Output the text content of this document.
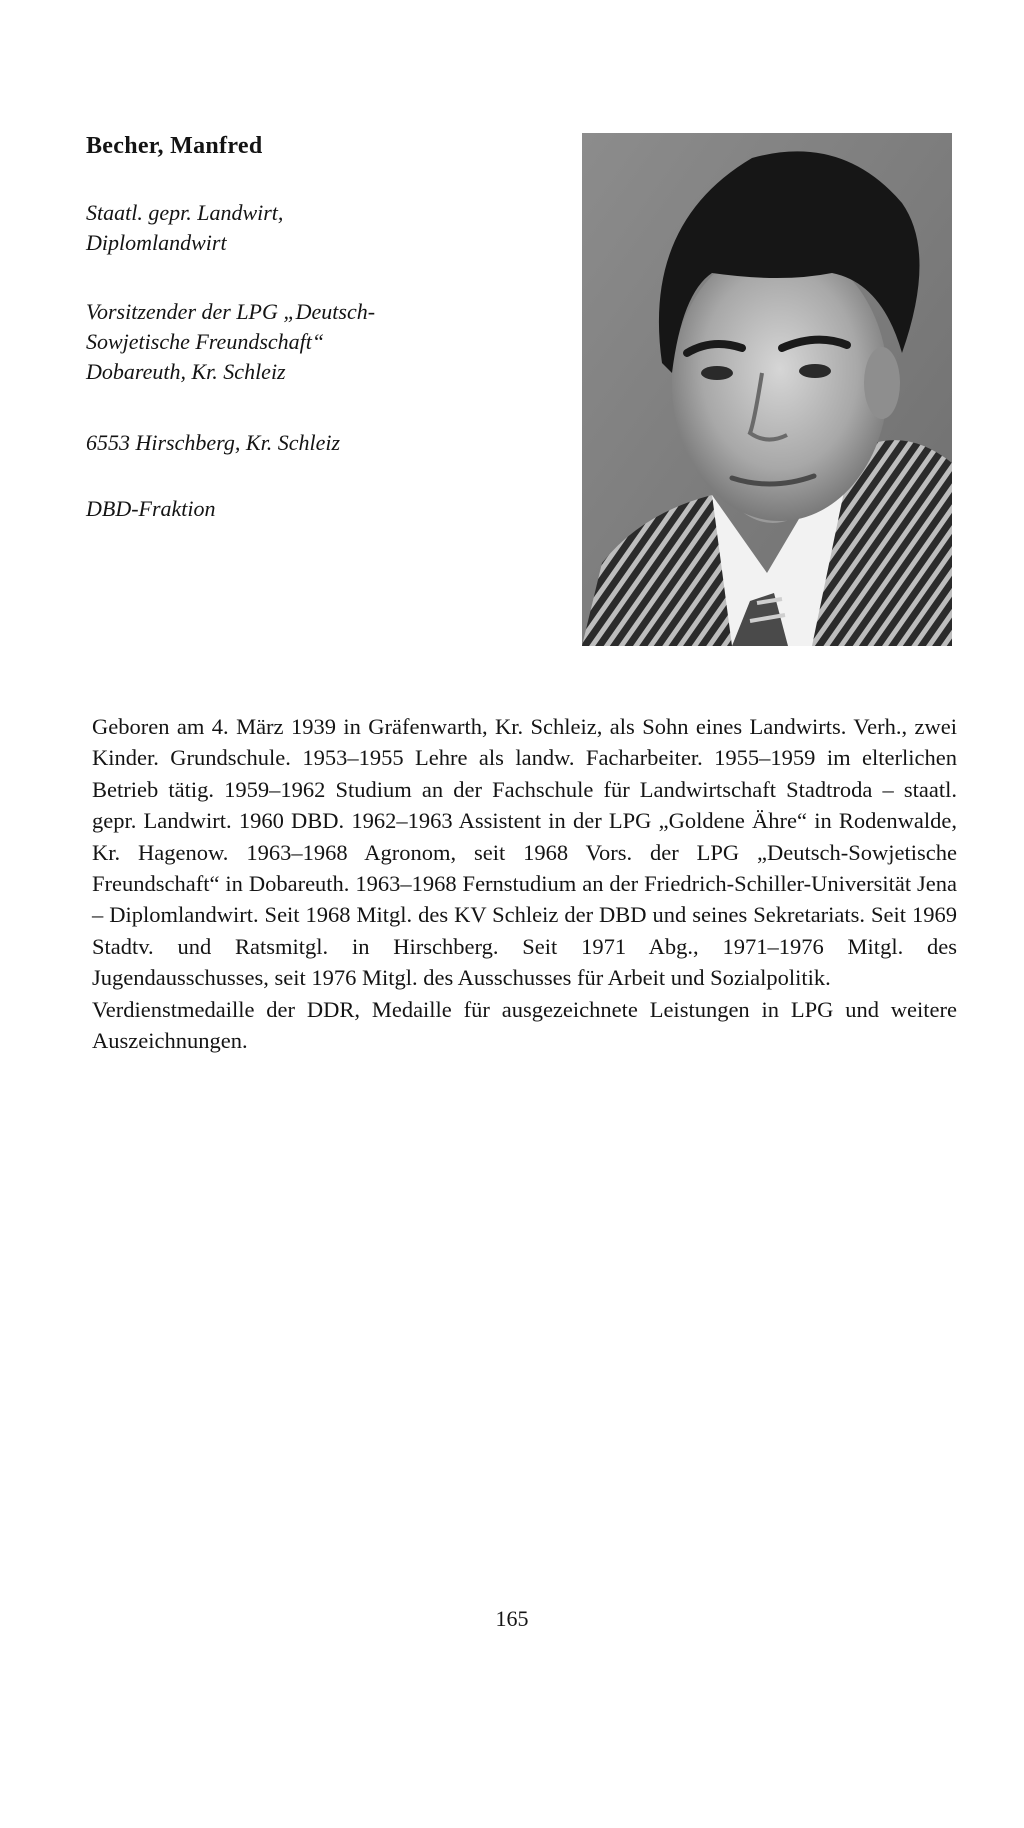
Becher, Manfred
Staatl. gepr. Landwirt,
Diplomlandwirt
Vorsitzender der LPG „Deutsch-
Sowjetische Freundschaft“
Dobareuth, Kr. Schleiz
6553 Hirschberg, Kr. Schleiz
DBD-Fraktion

Geboren am 4. März 1939 in Gräfenwarth, Kr. Schleiz, als Sohn eines Landwirts. Verh., zwei Kinder. Grundschule. 1953–1955 Lehre als landw. Facharbeiter. 1955–1959 im elterlichen Betrieb tätig. 1959–1962 Studium an der Fachschule für Landwirtschaft Stadtroda – staatl. gepr. Landwirt. 1960 DBD. 1962–1963 Assistent in der LPG „Goldene Ähre“ in Rodenwalde, Kr. Hagenow. 1963–1968 Agronom, seit 1968 Vors. der LPG „Deutsch-Sowjetische Freundschaft“ in Dobareuth. 1963–1968 Fernstudium an der Friedrich-Schiller-Universität Jena – Diplomlandwirt. Seit 1968 Mitgl. des KV Schleiz der DBD und seines Sekretariats. Seit 1969 Stadtv. und Ratsmitgl. in Hirschberg. Seit 1971 Abg., 1971–1976 Mitgl. des Jugendausschusses, seit 1976 Mitgl. des Ausschusses für Arbeit und Sozialpolitik.

Verdienstmedaille der DDR, Medaille für ausgezeichnete Leistungen in LPG und weitere Auszeichnungen.

165
